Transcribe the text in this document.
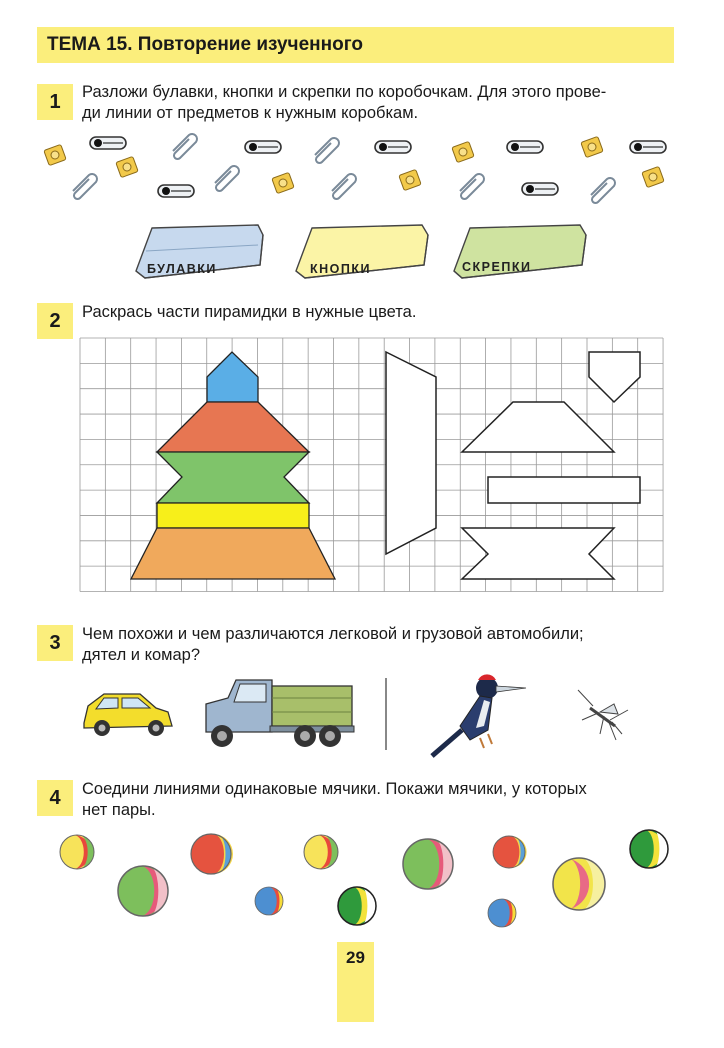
ТЕМА 15. Повторение изученного
1	Разложи булавки, кнопки и скрепки по коробочкам. Для этого прове-
ди линии от предметов к нужным коробкам.
БУЛАВКИ	КНОПКИ	СКРЕПКИ
2	Раскрась части пирамидки в нужные цвета.
3	Чем похожи и чем различаются легковой и грузовой автомобили;
дятел и комар?
4	Соедини линиями одинаковые мячики. Покажи мячики, у которых
нет пары.
29
